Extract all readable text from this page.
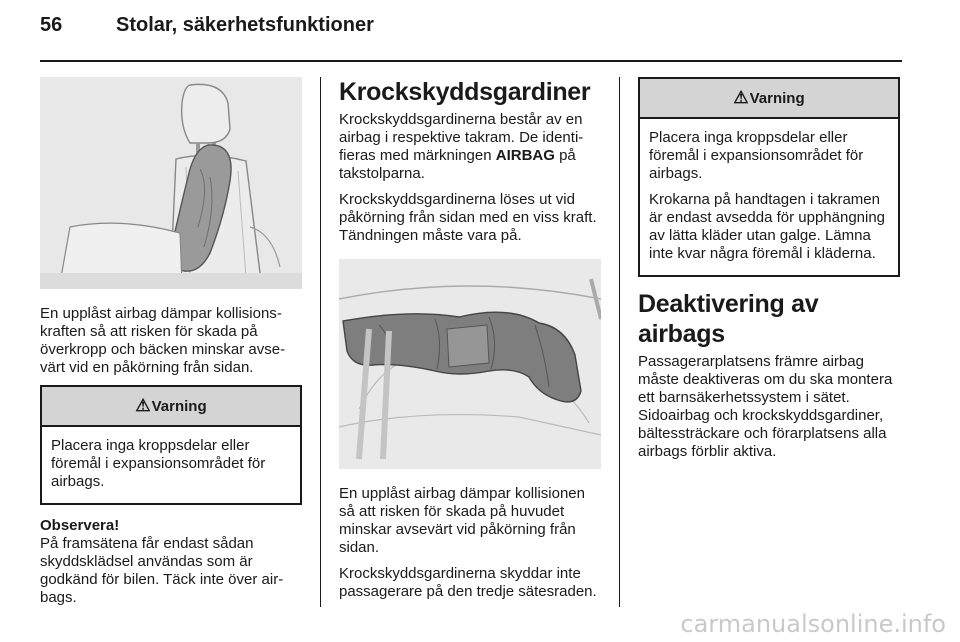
56	Stolar, säkerhetsfunktioner

En upplåst airbag dämpar kollisionskraften så att risken för skada på överkropp och bäcken minskar avsevärt vid en påkörning från sidan.

⚠ Varning

Placera inga kroppsdelar eller föremål i expansionsområdet för airbags.

Observera!

På framsätena får endast sådan skyddsklädsel användas som är godkänd för bilen. Täck inte över airbags.

Krockskyddsgardiner

Krockskyddsgardinerna består av en airbag i respektive takram. De identifieras med märkningen AIRBAG på takstolparna.

Krockskyddsgardinerna löses ut vid påkörning från sidan med en viss kraft. Tändningen måste vara på.

En upplåst airbag dämpar kollisionen så att risken för skada på huvudet minskar avsevärt vid påkörning från sidan.

Krockskyddsgardinerna skyddar inte passagerare på den tredje sätesraden.

⚠ Varning

Placera inga kroppsdelar eller föremål i expansionsområdet för airbags.

Krokarna på handtagen i takramen är endast avsedda för upphängning av lätta kläder utan galge. Lämna inte kvar några föremål i kläderna.

Deaktivering av airbags

Passagerarplatsens främre airbag måste deaktiveras om du ska montera ett barnsäkerhetssystem i sätet. Sidoairbag och krockskyddsgardiner, bältessträckare och förarplatsens alla airbags förblir aktiva.

carmanualsonline.info
